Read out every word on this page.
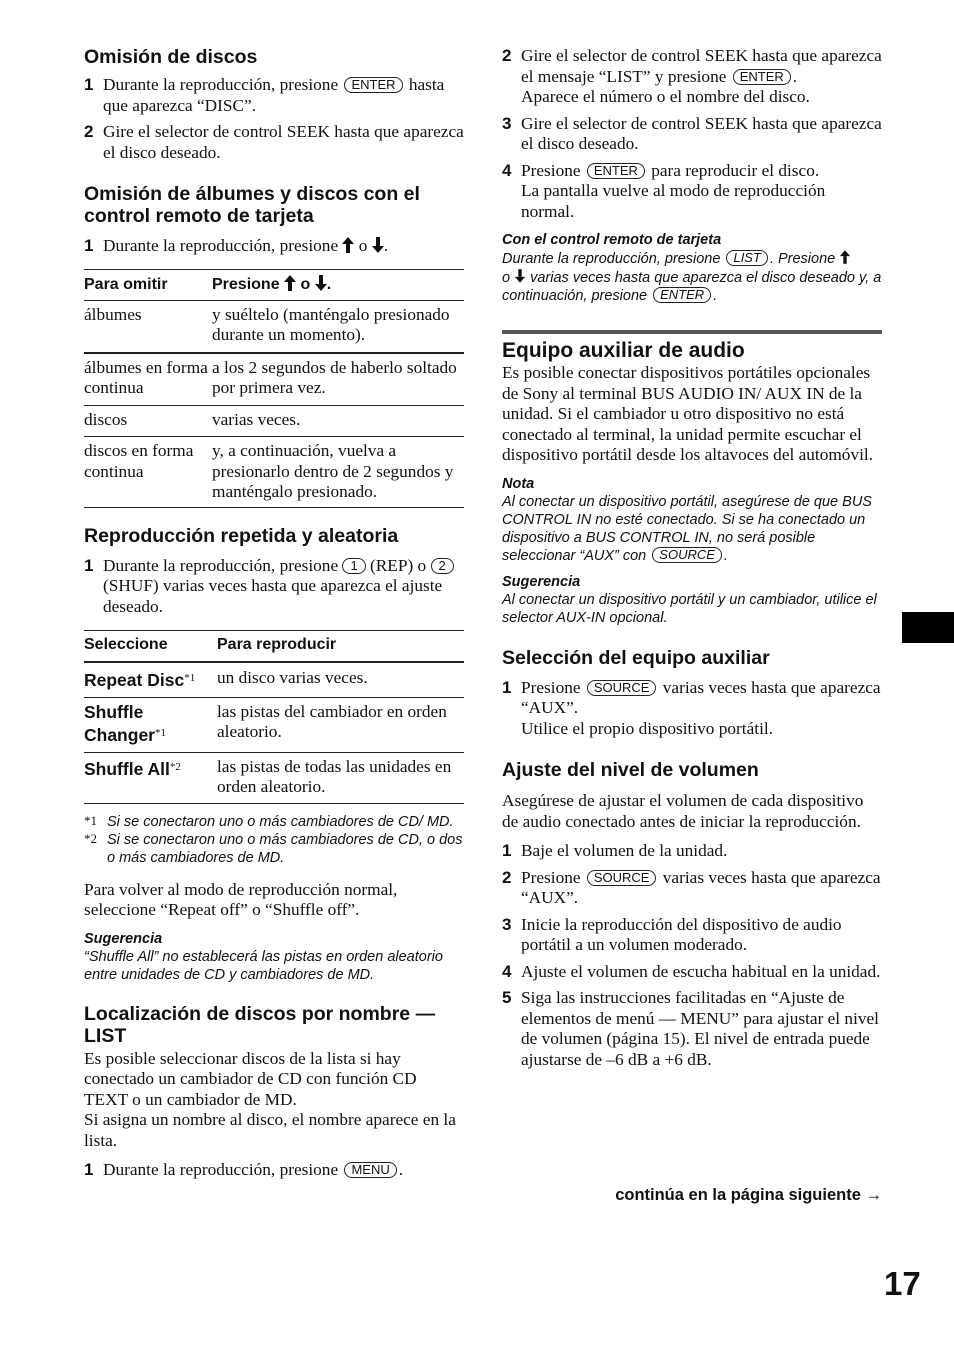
Omisión de discos
1 Durante la reproducción, presione ENTER hasta que aparezca “DISC”.
2 Gire el selector de control SEEK hasta que aparezca el disco deseado.
Omisión de álbumes y discos con el control remoto de tarjeta
1 Durante la reproducción, presione  o .
Para omitir	Presione  o .
álbumes	y suéltelo (manténgalo presionado durante un momento).
álbumes en forma continua	a los 2 segundos de haberlo soltado por primera vez.
discos	varias veces.
discos en forma continua	y, a continuación, vuelva a presionarlo dentro de 2 segundos y manténgalo presionado.
Reproducción repetida y aleatoria
1 Durante la reproducción, presione 1 (REP) o 2 (SHUF) varias veces hasta que aparezca el ajuste deseado.
Seleccione	Para reproducir
Repeat Disc$^{*1}$	un disco varias veces.
Shuffle Changer$^{*1}$	las pistas del cambiador en orden aleatorio.
Shuffle All$^{*2}$	las pistas de todas las unidades en orden aleatorio.
*1 Si se conectaron uno o más cambiadores de CD/ MD.

*2 Si se conectaron uno o más cambiadores de CD, o dos o más cambiadores de MD.

Para volver al modo de reproducción normal, seleccione “Repeat off” o “Shuffle off”.

Sugerencia

“Shuffle All” no establecerá las pistas en orden aleatorio entre unidades de CD y cambiadores de MD.

Localización de discos por nombre — LIST

Es posible seleccionar discos de la lista si hay conectado un cambiador de CD con función CD TEXT o un cambiador de MD.

Si asigna un nombre al disco, el nombre aparece en la lista.

1 Durante la reproducción, presione MENU .
2 Gire el selector de control SEEK hasta que aparezca el mensaje “LIST” y presione ENTER .
Aparece el número o el nombre del disco.
3 Gire el selector de control SEEK hasta que aparezca el disco deseado.
4 Presione ENTER para reproducir el disco.
La pantalla vuelve al modo de reproducción normal.

Con el control remoto de tarjeta

Durante la reproducción, presione LIST . Presione
o  varias veces hasta que aparezca el disco deseado y, a continuación, presione ENTER .

Equipo auxiliar de audio

Es posible conectar dispositivos portátiles opcionales de Sony al terminal BUS AUDIO IN/ AUX IN de la unidad. Si el cambiador u otro dispositivo no está conectado al terminal, la unidad permite escuchar el dispositivo portátil desde los altavoces del automóvil.

Nota

Al conectar un dispositivo portátil, asegúrese de que BUS CONTROL IN no esté conectado. Si se ha conectado un dispositivo a BUS CONTROL IN, no será posible seleccionar “AUX” con SOURCE .

Sugerencia

Al conectar un dispositivo portátil y un cambiador, utilice el selector AUX-IN opcional.

Selección del equipo auxiliar
1 Presione SOURCE varias veces hasta que aparezca “AUX”.
Utilice el propio dispositivo portátil.
Ajuste del nivel de volumen

Asegúrese de ajustar el volumen de cada dispositivo de audio conectado antes de iniciar la reproducción.

1 Baje el volumen de la unidad.
2 Presione SOURCE varias veces hasta que aparezca “AUX”.
3 Inicie la reproducción del dispositivo de audio portátil a un volumen moderado.
4 Ajuste el volumen de escucha habitual en la unidad.
5 Siga las instrucciones facilitadas en “Ajuste de elementos de menú — MENU” para ajustar el nivel de volumen (página 15). El nivel de entrada puede ajustarse de –6 dB a +6 dB.
continúa en la página siguiente →
17
